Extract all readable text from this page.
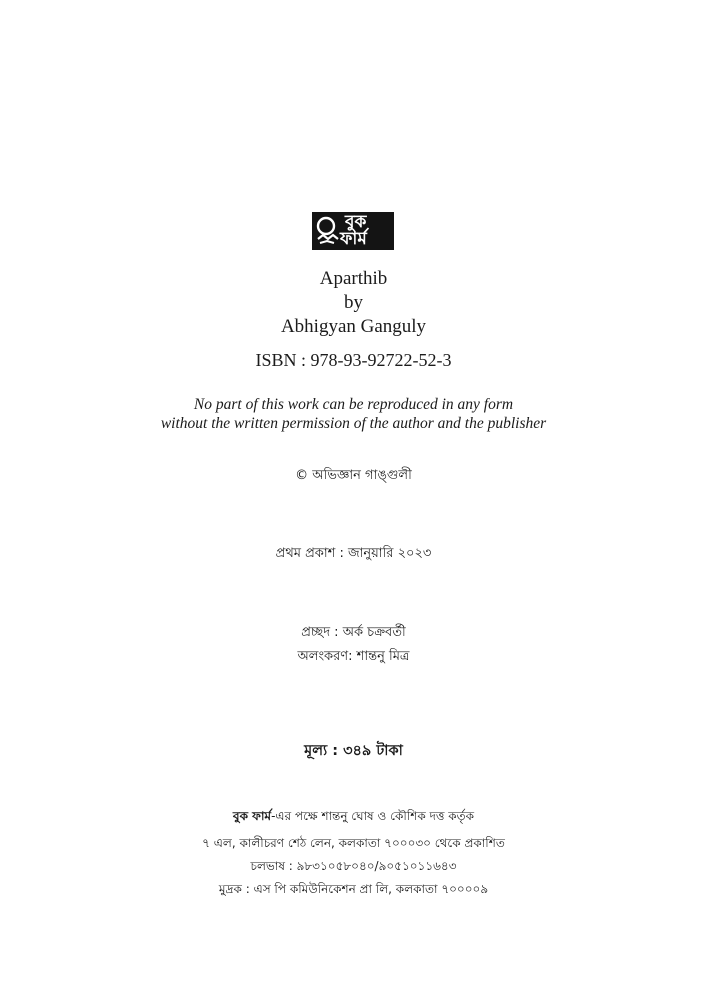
বুক
ফার্ম
Aparthib
by
Abhigyan Ganguly
ISBN : 978-93-92722-52-3
No part of this work can be reproduced in any form
without the written permission of the author and the publisher
© অভিজ্ঞান গাঙ্গুলী
প্রথম প্রকাশ : জানুয়ারি ২০২৩
প্রচ্ছদ : অর্ক চক্রবর্তী
অলংকরণ: শান্তনু মিত্র
মূল্য : ৩৪৯ টাকা
বুক ফার্ম-এর পক্ষে শান্তনু ঘোষ ও কৌশিক দত্ত কর্তৃক
৭ এল, কালীচরণ শেঠ লেন, কলকাতা ৭০০০৩০ থেকে প্রকাশিত
চলভাষ : ৯৮৩১০৫৮০৪০/৯০৫১০১১৬৪৩
মুদ্রক : এস পি কমিউনিকেশন প্রা লি, কলকাতা ৭০০০০৯
